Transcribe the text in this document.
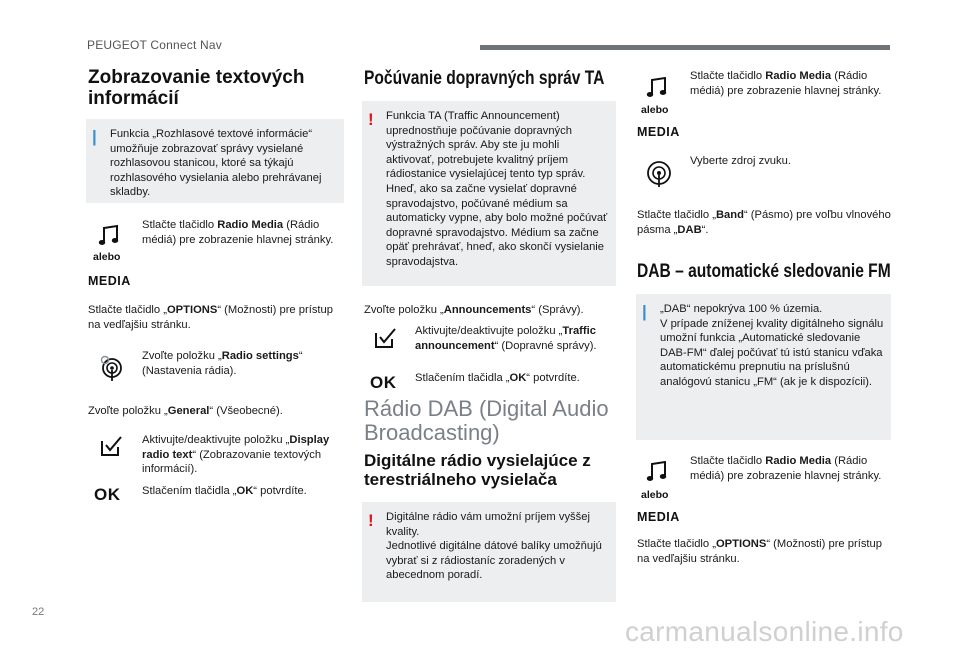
PEUGEOT Connect Nav
Zobrazovanie textových informácií
| Funkcia „Rozhlasové textové informácie“ umožňuje zobrazovať správy vysielané rozhlasovou stanicou, ktoré sa týkajú rozhlasového vysielania alebo prehrávanej skladby.
alebo
MEDIA
Stlačte tlačidlo Radio Media (Rádio médiá) pre zobrazenie hlavnej stránky.
Stlačte tlačidlo „OPTIONS“ (Možnosti) pre prístup na vedľajšiu stránku.
Zvoľte položku „Radio settings“ (Nastavenia rádia).
Zvoľte položku „General“ (Všeobecné).
Aktivujte/deaktivujte položku „Display radio text“ (Zobrazovanie textových informácií).
OK Stlačením tlačidla „OK“ potvrdíte.
Počúvanie dopravných správ TA
! Funkcia TA (Traffic Announcement) uprednostňuje počúvanie dopravných výstražných správ. Aby ste ju mohli aktivovať, potrebujete kvalitný príjem rádiostanice vysielajúcej tento typ správ. Hneď, ako sa začne vysielať dopravné spravodajstvo, počúvané médium sa automaticky vypne, aby bolo možné počúvať dopravné spravodajstvo. Médium sa začne opäť prehrávať, hneď, ako skončí vysielanie spravodajstva.
Zvoľte položku „Announcements“ (Správy).
Aktivujte/deaktivujte položku „Traffic announcement“ (Dopravné správy).
OK Stlačením tlačidla „OK“ potvrdíte.
Rádio DAB (Digital Audio Broadcasting)
Digitálne rádio vysielajúce z terestriálneho vysielača
! Digitálne rádio vám umožní príjem vyššej kvality.
Jednotlivé digitálne dátové balíky umožňujú vybrať si z rádiostaníc zoradených v abecednom poradí.
alebo
MEDIA
Stlačte tlačidlo Radio Media (Rádio médiá) pre zobrazenie hlavnej stránky.
Vyberte zdroj zvuku.
Stlačte tlačidlo „Band“ (Pásmo) pre voľbu vlnového pásma „DAB“.
DAB – automatické sledovanie FM
| „DAB“ nepokrýva 100 % územia.
V prípade zníženej kvality digitálneho signálu umožní funkcia „Automatické sledovanie DAB-FM“ ďalej počúvať tú istú stanicu vďaka automatickému prepnutiu na príslušnú analógovú stanicu „FM“ (ak je k dispozícii).
alebo
MEDIA
Stlačte tlačidlo Radio Media (Rádio médiá) pre zobrazenie hlavnej stránky.
Stlačte tlačidlo „OPTIONS“ (Možnosti) pre prístup na vedľajšiu stránku.
22
carmanualsonline.info
